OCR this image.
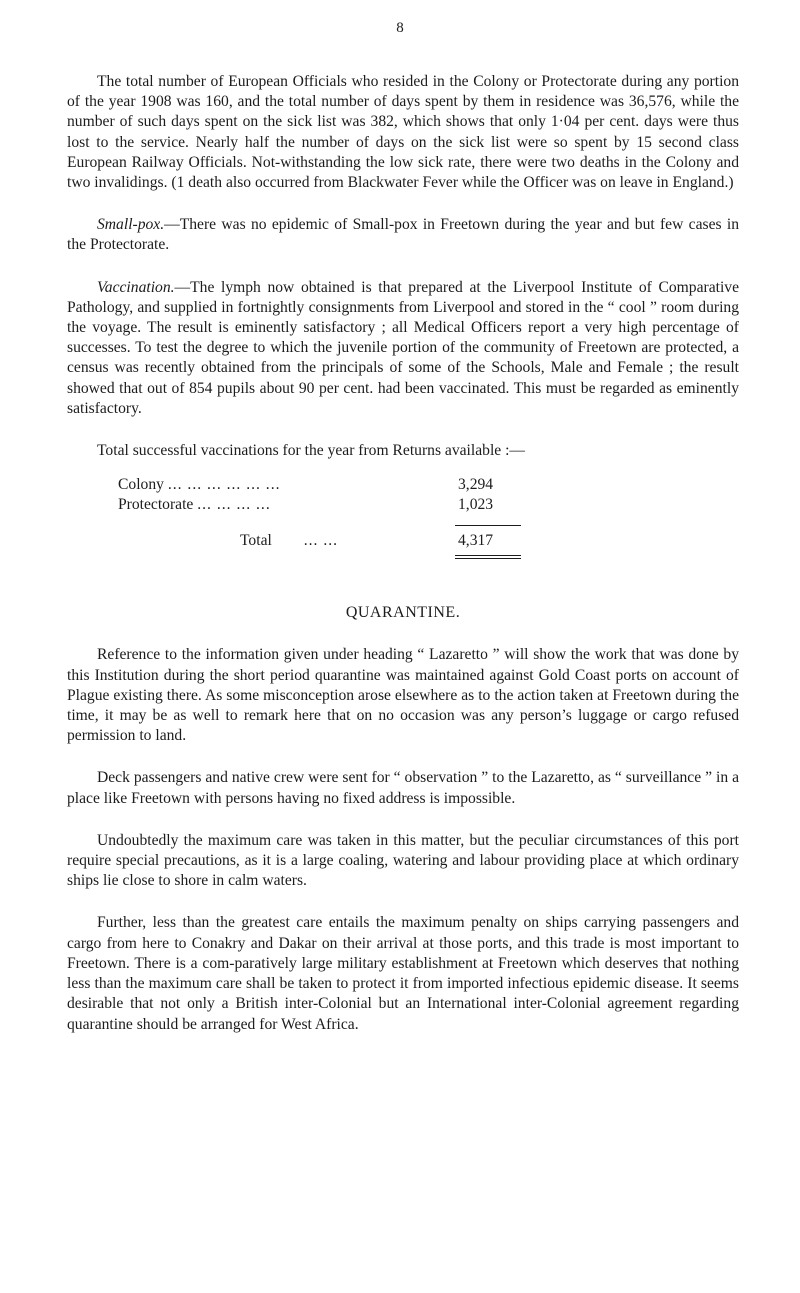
8

The total number of European Officials who resided in the Colony or Protectorate during any portion of the year 1908 was 160, and the total number of days spent by them in residence was 36,576, while the number of such days spent on the sick list was 382, which shows that only 1·04 per cent. days were thus lost to the service. Nearly half the number of days on the sick list were so spent by 15 second class European Railway Officials. Not-withstanding the low sick rate, there were two deaths in the Colony and two invalidings. (1 death also occurred from Blackwater Fever while the Officer was on leave in England.)

Small-pox.—There was no epidemic of Small-pox in Freetown during the year and but few cases in the Protectorate.

Vaccination.—The lymph now obtained is that prepared at the Liverpool Institute of Comparative Pathology, and supplied in fortnightly consignments from Liverpool and stored in the “ cool ” room during the voyage. The result is eminently satisfactory ; all Medical Officers report a very high percentage of successes. To test the degree to which the juvenile portion of the community of Freetown are protected, a census was recently obtained from the principals of some of the Schools, Male and Female ; the result showed that out of 854 pupils about 90 per cent. had been vaccinated. This must be regarded as eminently satisfactory.

Total successful vaccinations for the year from Returns available :—

Colony ... ... ... ... ... ...	3,294
Protectorate ... ... ... ...	1,023
Total ... ...	4,317
QUARANTINE.

Reference to the information given under heading “ Lazaretto ” will show the work that was done by this Institution during the short period quarantine was maintained against Gold Coast ports on account of Plague existing there. As some misconception arose elsewhere as to the action taken at Freetown during the time, it may be as well to remark here that on no occasion was any person’s luggage or cargo refused permission to land.

Deck passengers and native crew were sent for “ observation ” to the Lazaretto, as “ surveillance ” in a place like Freetown with persons having no fixed address is impossible.

Undoubtedly the maximum care was taken in this matter, but the peculiar circumstances of this port require special precautions, as it is a large coaling, watering and labour providing place at which ordinary ships lie close to shore in calm waters.

Further, less than the greatest care entails the maximum penalty on ships carrying passengers and cargo from here to Conakry and Dakar on their arrival at those ports, and this trade is most important to Freetown. There is a com-paratively large military establishment at Freetown which deserves that nothing less than the maximum care shall be taken to protect it from imported infectious epidemic disease. It seems desirable that not only a British inter-Colonial but an International inter-Colonial agreement regarding quarantine should be arranged for West Africa.
